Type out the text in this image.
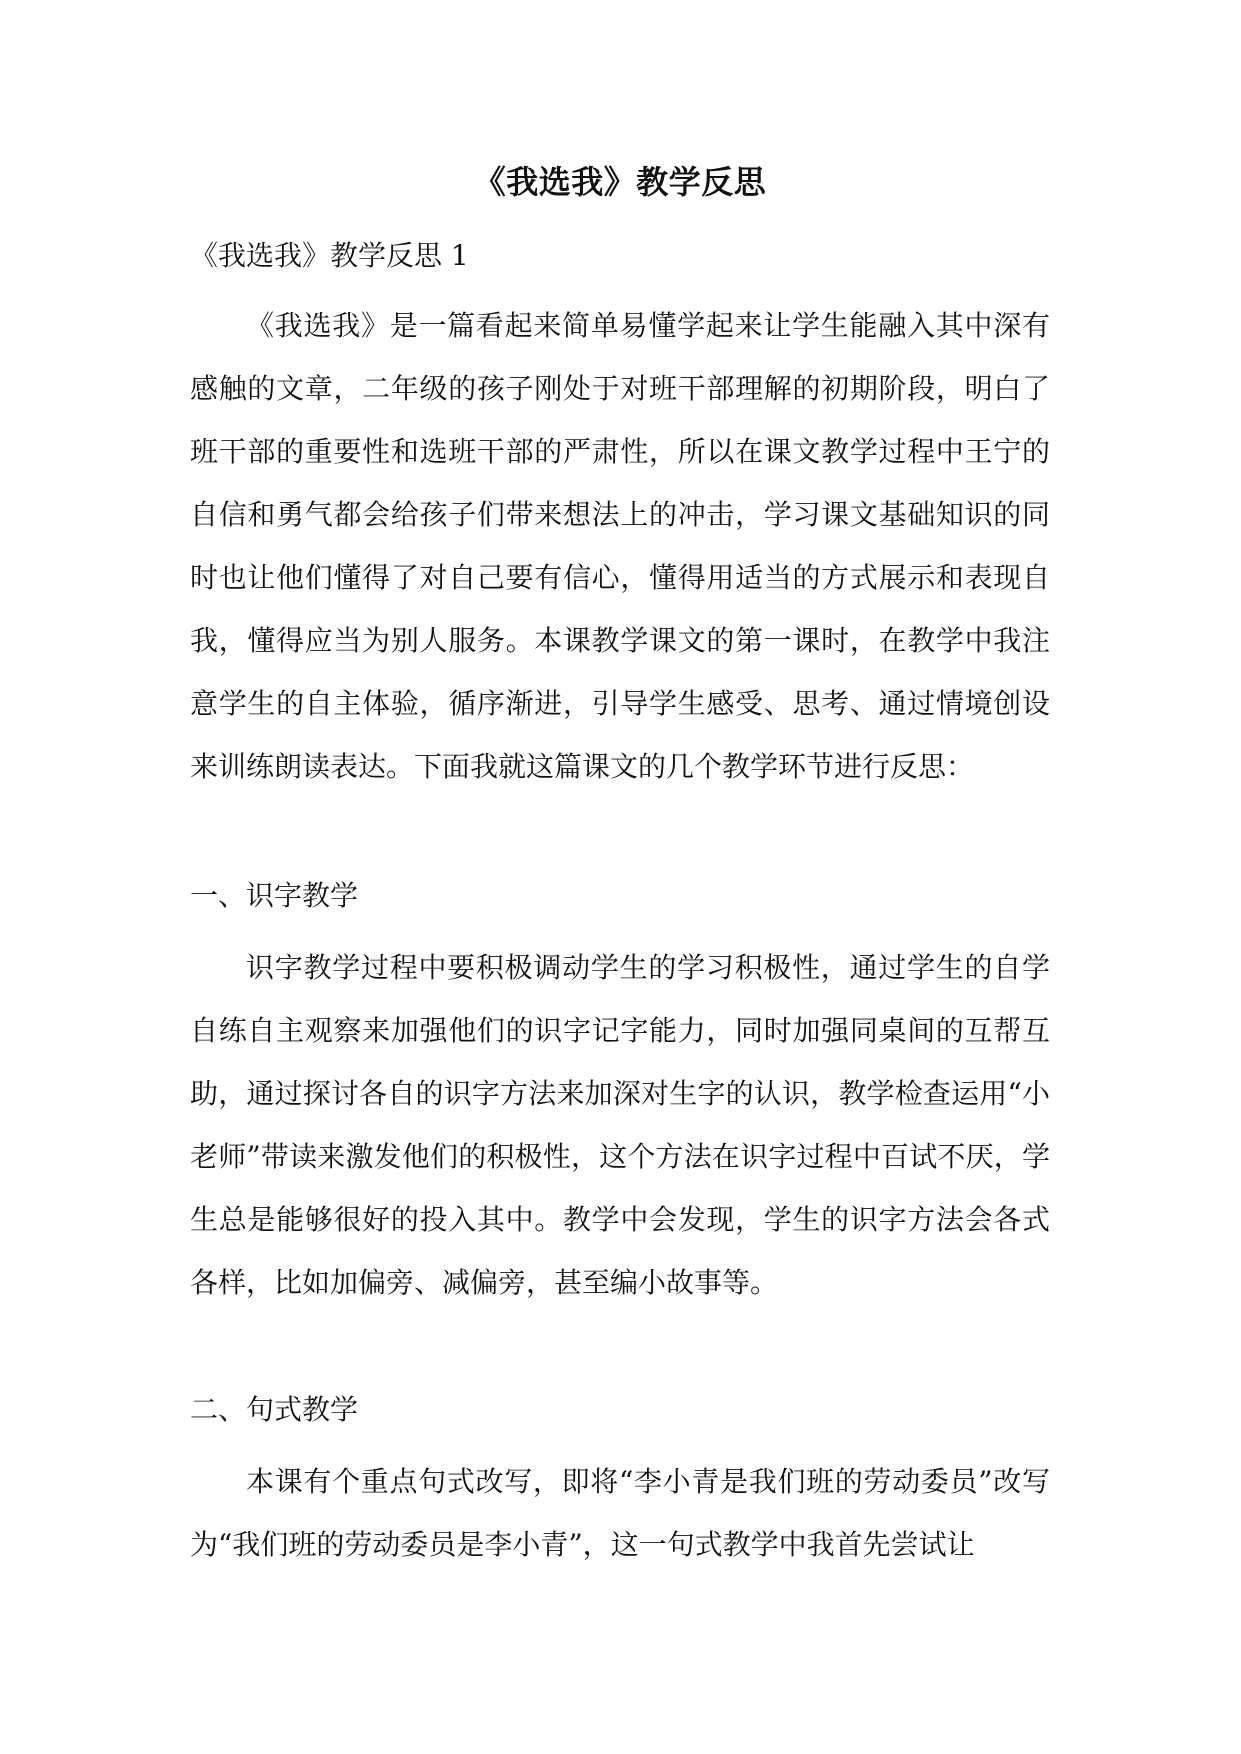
《我选我》教学反思
《我选我》教学反思 1

《我选我》是一篇看起来简单易懂学起来让学生能融入其中深有感触的文章，二年级的孩子刚处于对班干部理解的初期阶段，明白了班干部的重要性和选班干部的严肃性，所以在课文教学过程中王宁的自信和勇气都会给孩子们带来想法上的冲击，学习课文基础知识的同时也让他们懂得了对自己要有信心，懂得用适当的方式展示和表现自我，懂得应当为别人服务。本课教学课文的第一课时，在教学中我注意学生的自主体验，循序渐进，引导学生感受、思考、通过情境创设来训练朗读表达。下面我就这篇课文的几个教学环节进行反思：

一、识字教学

识字教学过程中要积极调动学生的学习积极性，通过学生的自学自练自主观察来加强他们的识字记字能力，同时加强同桌间的互帮互助，通过探讨各自的识字方法来加深对生字的认识，教学检查运用“小老师”带读来激发他们的积极性，这个方法在识字过程中百试不厌，学生总是能够很好的投入其中。教学中会发现，学生的识字方法会各式各样，比如加偏旁、减偏旁，甚至编小故事等。

二、句式教学

本课有个重点句式改写，即将“李小青是我们班的劳动委员”改写为“我们班的劳动委员是李小青”，这一句式教学中我首先尝试让
